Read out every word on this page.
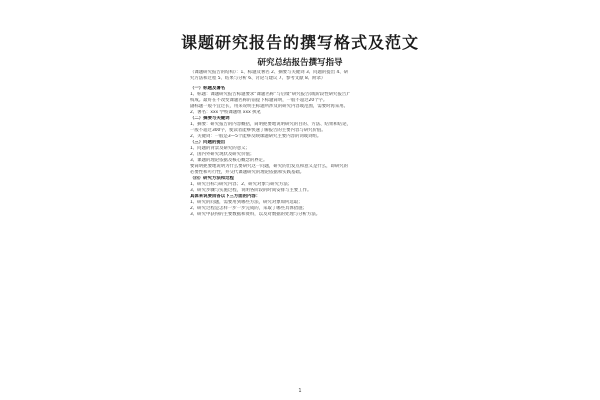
课题研究报告的撰写格式及范文
研究总结报告撰写指导
（课题研究报告的结构）：1、标题及署名 2、摘要与关键词 3、问题的提出 4、研
究方法和过程 5、结果与分析 6、讨论与建议 7、参考文献 8、附录）
（一）标题及署名
1、标题：课题研究报告标题要求“课题名称”与后缀“研究报告(或阶段性研究报告)”
构成。最好在不改变课题名称的前提下标题简明，一般不超过20个字。
副标题一般不宜过长，用来说明主标题所涉及的研究内容或范围，需要时再采用。
2、署名：xxx 学校课题组 xxx 执笔
（二）摘要与关键词
1、摘要：研究报告的内容概括，简明扼要地说明研究的目的、方法、结果和结论，
一般不超过300字，使读者能够快速了解报告的主要内容与研究价值。
2、关键词：一般是3—5个能够反映课题研究主要内容的词或词组。
（三）问题的提出
1、问题的背景及研究的意义；
2、国内外研究现状及研究价值；
3、课题的理论依据及核心概念的界定。
要简明扼要地说明为什么要研究这一问题，研究的出发点和意义是什么，即研究的
必要性和可行性，并交代课题研究的理论依据和实践基础。
（四）研究方法和过程
1、研究目标与研究内容；2、研究对象与研究方法；
3、研究步骤与实施过程，说明各阶段的时间安排与主要工作。
具体来说要回答以下三方面的内容：
1、研究的问题，需要用到哪些方法，研究对象如何选取；
2、研究过程是怎样一步一步完成的，采取了哪些具体措施；
3、研究中获得的主要数据和资料，以及对数据的处理与分析方法。
1
